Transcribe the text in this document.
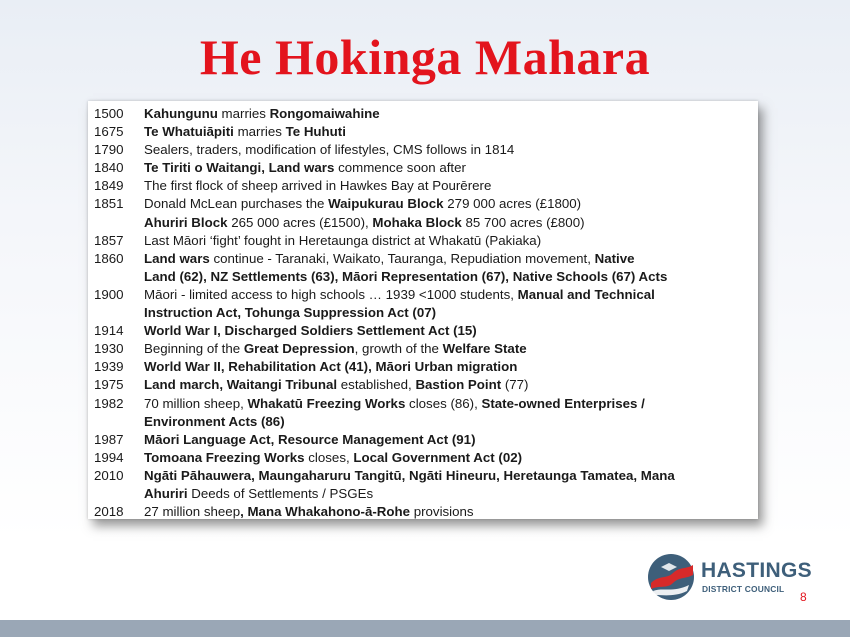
He Hokinga Mahara
1500	Kahungunu marries Rongomaiwahine
1675	Te Whatuiāpiti marries Te Huhuti
1790	Sealers, traders, modification of lifestyles, CMS follows in 1814
1840	Te Tiriti o Waitangi, Land wars commence soon after
1849	The first flock of sheep arrived in Hawkes Bay at Pourērere
1851	Donald McLean purchases the Waipukurau Block 279 000 acres (£1800)
Ahuriri Block 265 000 acres (£1500), Mohaka Block 85 700 acres (£800)
1857	Last Māori ‘fight’ fought in Heretaunga district at Whakatū (Pakiaka)
1860	Land wars continue - Taranaki, Waikato, Tauranga, Repudiation movement, Native
Land (62), NZ Settlements (63), Māori Representation (67), Native Schools (67) Acts
1900	Māori - limited access to high schools … 1939 <1000 students, Manual and Technical
Instruction Act, Tohunga Suppression Act (07)
1914	World War I, Discharged Soldiers Settlement Act (15)
1930	Beginning of the Great Depression, growth of the Welfare State
1939	World War II, Rehabilitation Act (41), Māori Urban migration
1975	Land march, Waitangi Tribunal established, Bastion Point (77)
1982	70 million sheep, Whakatū Freezing Works closes (86), State-owned Enterprises /
Environment Acts (86)
1987	Māori Language Act, Resource Management Act (91)
1994	Tomoana Freezing Works closes, Local Government Act (02)
2010	Ngāti Pāhauwera, Maungaharuru Tangitū, Ngāti Hineuru, Heretaunga Tamatea, Mana
Ahuriri Deeds of Settlements / PSGEs
2018	27 million sheep, Mana Whakahono-ā-Rohe provisions
HASTINGS
DISTRICT COUNCIL
8
